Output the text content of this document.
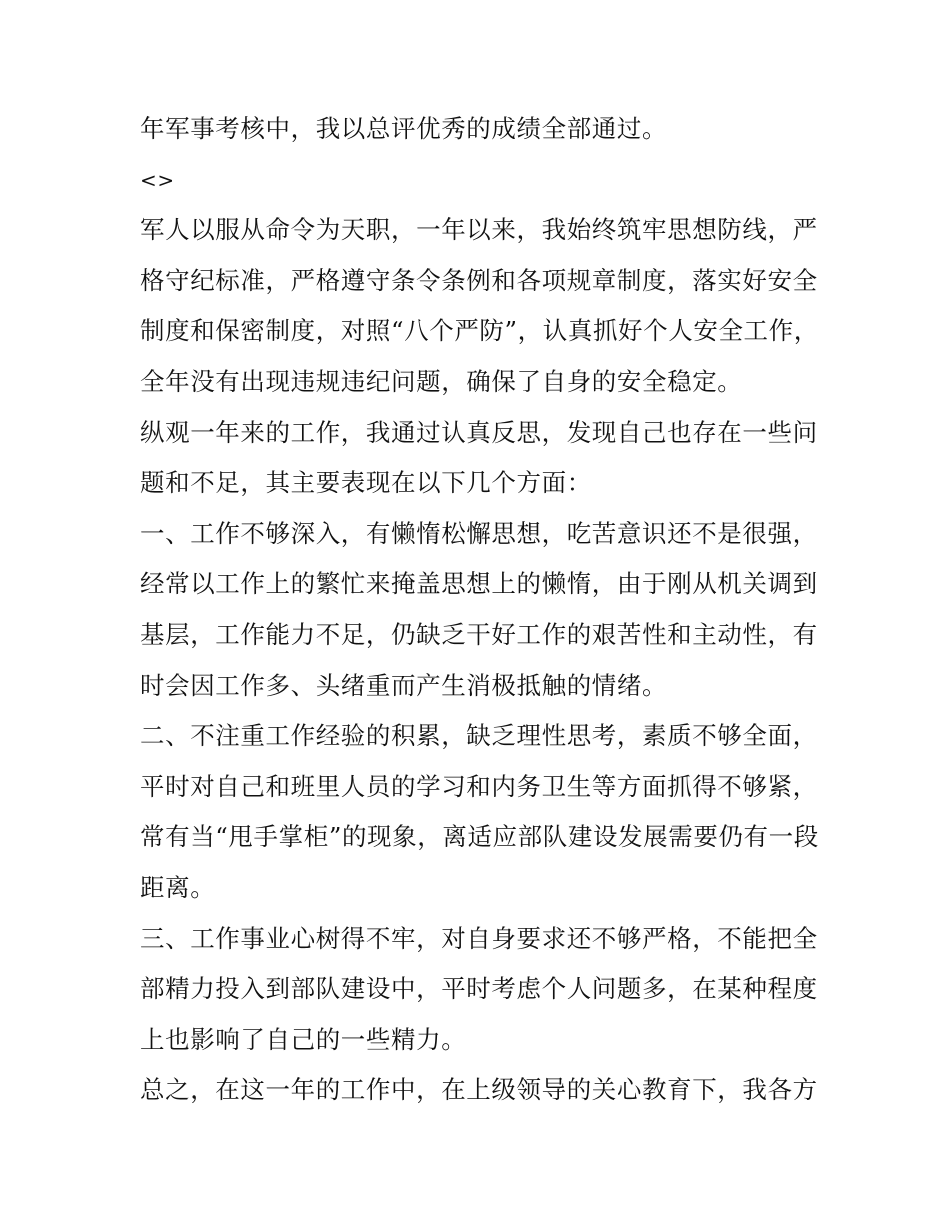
年军事考核中，我以总评优秀的成绩全部通过。
<>
军人以服从命令为天职，一年以来，我始终筑牢思想防线，严
格守纪标准，严格遵守条令条例和各项规章制度，落实好安全
制度和保密制度，对照“八个严防”，认真抓好个人安全工作，
全年没有出现违规违纪问题，确保了自身的安全稳定。
纵观一年来的工作，我通过认真反思，发现自己也存在一些问
题和不足，其主要表现在以下几个方面：
一、工作不够深入，有懒惰松懈思想，吃苦意识还不是很强，
经常以工作上的繁忙来掩盖思想上的懒惰，由于刚从机关调到
基层，工作能力不足，仍缺乏干好工作的艰苦性和主动性，有
时会因工作多、头绪重而产生消极抵触的情绪。
二、不注重工作经验的积累，缺乏理性思考，素质不够全面，
平时对自己和班里人员的学习和内务卫生等方面抓得不够紧，
常有当“甩手掌柜”的现象，离适应部队建设发展需要仍有一段
距离。
三、工作事业心树得不牢，对自身要求还不够严格，不能把全
部精力投入到部队建设中，平时考虑个人问题多，在某种程度
上也影响了自己的一些精力。
总之，在这一年的工作中，在上级领导的关心教育下，我各方
